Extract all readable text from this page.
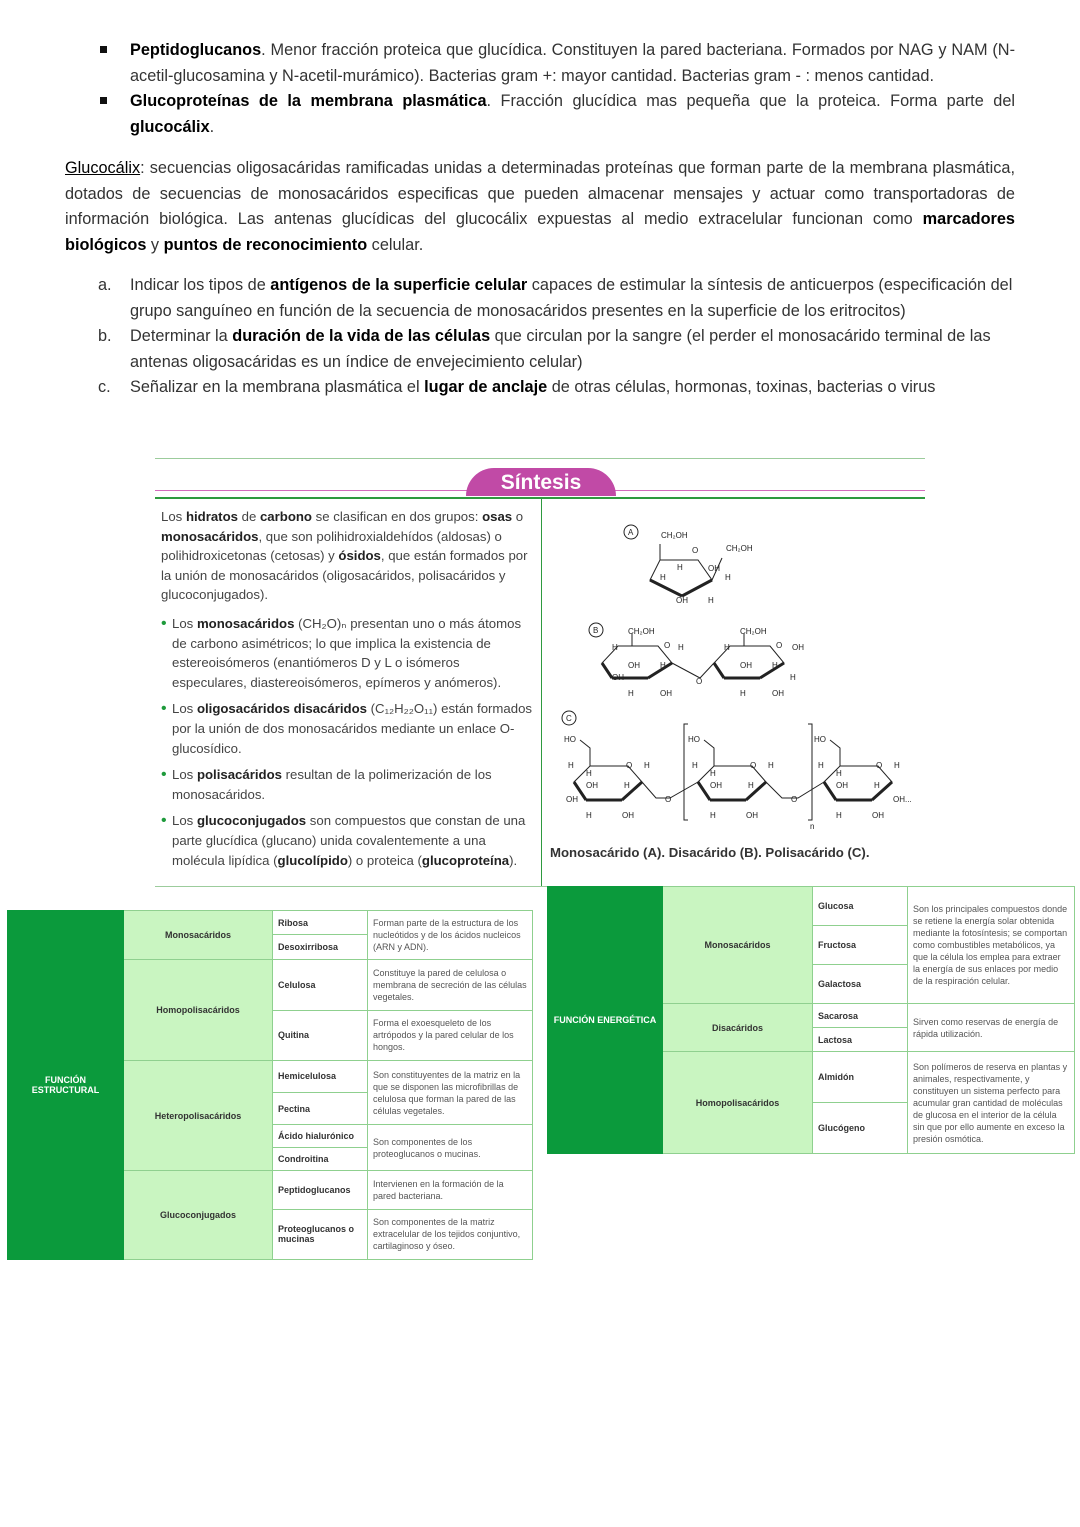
Peptidoglucanos. Menor fracción proteica que glucídica. Constituyen la pared bacteriana. Formados por NAG y NAM (N-acetil-glucosamina y N-acetil-murámico). Bacterias gram +: mayor cantidad. Bacterias gram - : menos cantidad.
Glucoproteínas de la membrana plasmática. Fracción glucídica mas pequeña que la proteica. Forma parte del glucocálix.
Glucocálix: secuencias oligosacáridas ramificadas unidas a determinadas proteínas que forman parte de la membrana plasmática, dotados de secuencias de monosacáridos especificas que pueden almacenar mensajes y actuar como transportadoras de información biológica. Las antenas glucídicas del glucocálix expuestas al medio extracelular funcionan como marcadores biológicos y puntos de reconocimiento celular.
a. Indicar los tipos de antígenos de la superficie celular capaces de estimular la síntesis de anticuerpos (especificación del grupo sanguíneo en función de la secuencia de monosacáridos presentes en la superficie de los eritrocitos)
b. Determinar la duración de la vida de las células que circulan por la sangre (el perder el monosacárido terminal de las antenas oligosacáridas es un índice de envejecimiento celular)
c. Señalizar en la membrana plasmática el lugar de anclaje de otras células, hormonas, toxinas, bacterias o virus
Síntesis

Los hidratos de carbono se clasifican en dos grupos: osas o monosacáridos, que son polihidroxialdehídos (aldosas) o polihidroxicetonas (cetosas) y ósidos, que están formados por la unión de monosacáridos (oligosacáridos, polisacáridos y glucoconjugados).

• Los monosacáridos (CH₂O)ₙ presentan uno o más átomos de carbono asimétricos; lo que implica la existencia de estereoisómeros (enantiómeros D y L o isómeros especulares, diastereoisómeros, epímeros y anómeros).
• Los oligosacáridos disacáridos (C₁₂H₂₂O₁₁) están formados por la unión de dos monosacáridos mediante un enlace O-glucosídico.
• Los polisacáridos resultan de la polimerización de los monosacáridos.
• Los glucoconjugados son compuestos que constan de una parte glucídica (glucano) unida covalentemente a una molécula lipídica (glucolípido) o proteica (glucoproteína).
A	CH₂OH
CH₂OH
O
H	OH
H	H
OH	H
B	CH₂OH	CH₂OH
O	O
H	H	H	OH
OH	H	OH	H
OH	O	H
H	OH	H	OH
C
HO	HO	HO
O	O	O
H	H	H	H	H	H
H	H	H
OH	H	OH	H	OH	H
OH	O	O	OH...
H	OH	H	OH	H	OH
n
Monosacárido (A). Disacárido (B). Polisacárido (C).
FUNCIÓN ESTRUCTURAL	Monosacáridos	Ribosa	Forman parte de la estructura de los nucleótidos y de los ácidos nucleicos (ARN y ADN).
		Desoxirribosa	
	Homopolisacáridos	Celulosa	Constituye la pared de celulosa o membrana de secreción de las células vegetales.
		Quitina	Forma el exoesqueleto de los artrópodos y la pared celular de los hongos.
	Heteropolisacáridos	Hemicelulosa	Son constituyentes de la matriz en la que se disponen las microfibrillas de celulosa que forman la pared de las células vegetales.
		Pectina	
		Ácido hialurónico	Son componentes de los proteoglucanos o mucinas.
		Condroitina	
	Glucoconjugados	Peptidoglucanos	Intervienen en la formación de la pared bacteriana.
		Proteoglucanos o mucinas	Son componentes de la matriz extracelular de los tejidos conjuntivo, cartilaginoso y óseo.
FUNCIÓN ENERGÉTICA	Monosacáridos	Glucosa	Son los principales compuestos donde se retiene la energía solar obtenida mediante la fotosíntesis; se comportan como combustibles metabólicos, ya que la célula los emplea para extraer la energía de sus enlaces por medio de la respiración celular.
		Fructosa	
		Galactosa	
	Disacáridos	Sacarosa	Sirven como reservas de energía de rápida utilización.
		Lactosa	
	Homopolisacáridos	Almidón	Son polímeros de reserva en plantas y animales, respectivamente, y constituyen un sistema perfecto para acumular gran cantidad de moléculas de glucosa en el interior de la célula sin que por ello aumente en exceso la presión osmótica.
		Glucógeno	
